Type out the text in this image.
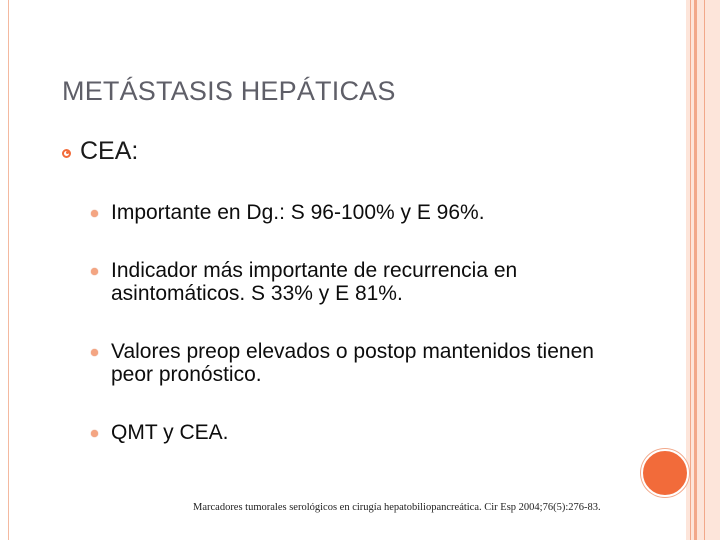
METÁSTASIS HEPÁTICAS
CEA:
Importante en Dg.: S 96-100% y E 96%.
Indicador más importante de recurrencia en asintomáticos. S 33% y E 81%.
Valores preop elevados o postop mantenidos tienen peor pronóstico.
QMT y CEA.
Marcadores tumorales serológicos en cirugía hepatobiliopancreática. Cir Esp 2004;76(5):276-83.
